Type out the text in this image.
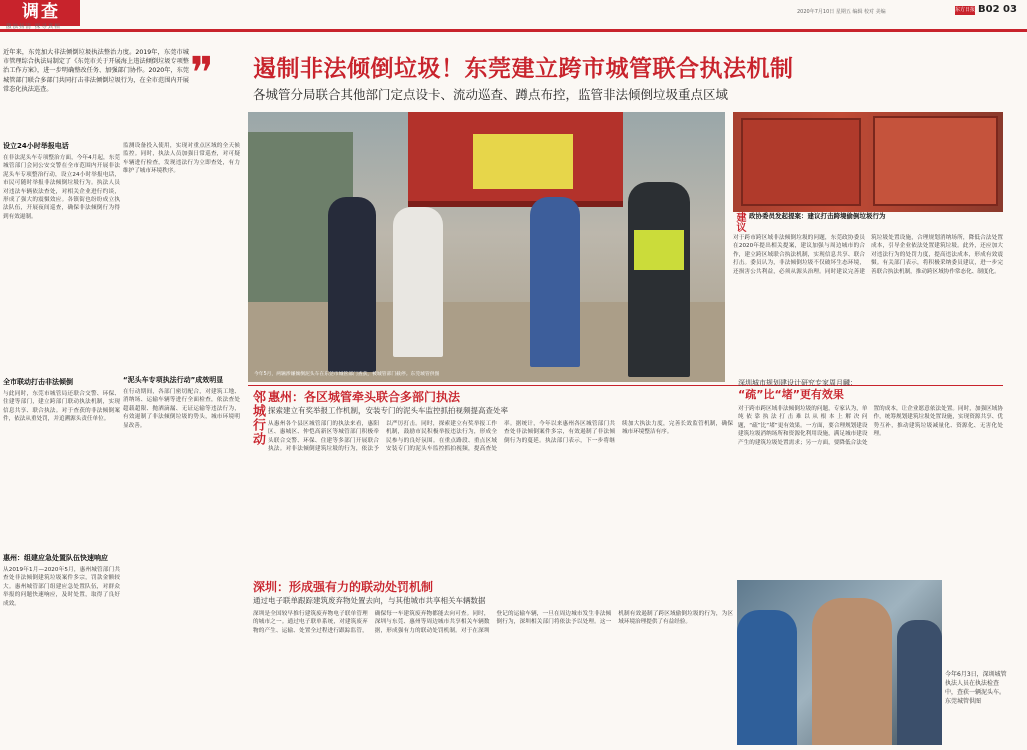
调查
激浊扬清 探寻真相
2020年7月10日 星期五 编辑 校对 美编	东方日报 B02 03
近年来，东莞加大非法倾倒垃圾执法整治力度。2019年，东莞市城市管理综合执法局制定了《东莞市关于开展海上违法倾倒垃圾专项整治工作方案》，进一步明确整改任务、加强部门协作。2020年，东莞城管部门联合多部门共同打击非法倾倒垃圾行为，在全市范围内开展常态化执法巡查。	❞
设立24小时举报电话
在非法泥头车专项整治方面，今年4月起，东莞城管部门会同公安交警在全市范围内开展非法泥头车专项整治行动，设立24小时举报电话，市民可随时举报非法倾倒垃圾行为。执法人员对违法车辆依法查处，对相关企业进行约谈，形成了强大的震慑效应。各镇街也纷纷成立执法队伍，开展夜间巡查，确保非法倾倒行为得到有效遏制。
全市联动打击非法倾倒
与此同时，东莞市城管局还联合交警、环保、住建等部门，建立跨部门联动执法机制，实现信息共享、联合执法。对于查获的非法倾倒案件，依法从重处罚，并追溯源头责任单位。
惠州：组建应急处置队伍快速响应
从2019年1月—2020年5月，惠州城管部门共查处非法倾倒建筑垃圾案件多宗，罚款金额较大。惠州城管部门组建应急处置队伍，对群众举报的问题快速响应，及时处置，取得了良好成效。
监测设备投入使用，实现对重点区域的全天候监控。同时，执法人员加强日常巡查，对可疑车辆进行检查，发现违法行为立即查处，有力维护了城市环境秩序。
“泥头车专项执法行动”成效明显
在行动期间，各部门密切配合，对建筑工地、消纳场、运输车辆等进行全面检查，依法查处超载超限、抛洒滴漏、无证运输等违法行为，有效遏制了非法倾倒垃圾的势头，城市环境明显改善。
遏制非法倾倒垃圾！东莞建立跨市城管联合执法机制
各城管分局联合其他部门定点设卡、流动巡查、蹲点布控，监管非法倾倒垃圾重点区域
今年5月，两辆涉嫌倾倒泥头车在东莞市城管部门查获，被城管部门截停。东莞城管供图
建议 政协委员发起提案：建议打击跨境偷倒垃圾行为
对于跨市跨区域非法倾倒垃圾的问题，东莞政协委员在2020年提出相关提案，建议加强与周边城市的合作，建立跨区域联合执法机制，实现信息共享、联合打击。委员认为，非法倾倒垃圾不仅破坏生态环境，还损害公共利益，必须从源头治理。同时建议完善建筑垃圾处置设施，合理规划消纳场所，降低合法处置成本，引导企业依法处置建筑垃圾。此外，还应加大对违法行为的处罚力度，提高违法成本，形成有效震慑。有关部门表示，将积极采纳委员建议，进一步完善联合执法机制，推动跨区域协作常态化、制度化。
邻城行动 惠州：各区城管牵头联合多部门执法
探索建立有奖举报工作机制，安装专门的泥头车监控抓拍视频提高查处率
从惠州各个县区城管部门的执法来看，惠阳区、惠城区、仲恺高新区等城管部门积极牵头联合交警、环保、住建等多部门开展联合执法。对非法倾倒建筑垃圾的行为，依法予以严厉打击。同时，探索建立有奖举报工作机制，鼓励市民积极举报违法行为，形成全民参与的良好氛围。在重点路段、重点区域安装专门的泥头车监控抓拍视频，提高查处率。据统计，今年以来惠州各区城管部门共查处非法倾倒案件多宗，有效遏制了非法倾倒行为的蔓延。执法部门表示，下一步将继续加大执法力度，完善长效监管机制，确保城市环境整洁有序。
深圳：形成强有力的联动处罚机制
通过电子联单跟踪建筑废弃物处置去向，与其他城市共享相关车辆数据
深圳是全国较早推行建筑废弃物电子联单管理的城市之一。通过电子联单系统，对建筑废弃物的产生、运输、处置全过程进行跟踪监管，确保每一车建筑废弃物都能去向可查。同时，深圳与东莞、惠州等周边城市共享相关车辆数据，形成强有力的联动处罚机制。对于在深圳登记的运输车辆，一旦在周边城市发生非法倾倒行为，深圳相关部门将依法予以处理。这一机制有效遏制了跨区域偷倒垃圾的行为，为区域环境治理提供了有益经验。
深圳城市规划建设计研究专家周月麟：
“疏”比“堵”更有效果
对于跨市跨区域非法倾倒垃圾的问题，专家认为，单纯依靠执法打击难以从根本上解决问题，“疏”比“堵”更有效果。一方面，要合理规划建设建筑垃圾消纳场所和资源化利用设施，满足城市建设产生的建筑垃圾处置需求；另一方面，要降低合法处置的成本，让企业愿意依法处置。同时，加强区域协作，统筹规划建筑垃圾处置设施，实现资源共享、优势互补，推动建筑垃圾减量化、资源化、无害化处理。
今年6月3日，深圳城管执法人员在执法检查中，查获一辆泥头车。东莞城管供图
